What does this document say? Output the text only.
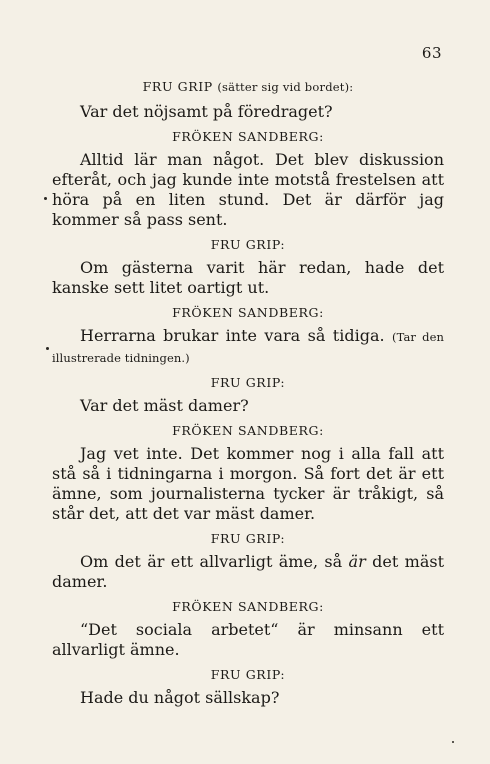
63
FRU GRIP (sätter sig vid bordet):

Var det nöjsamt på föredraget?

FRÖKEN SANDBERG:

Alltid lär man något. Det blev diskussion efteråt, och jag kunde inte motstå frestelsen att höra på en liten stund. Det är därför jag kommer så pass sent.

FRU GRIP:

Om gästerna varit här redan, hade det kanske sett litet oartigt ut.

FRÖKEN SANDBERG:

Herrarna brukar inte vara så tidiga. (Tar den illustrerade tidningen.)

FRU GRIP:

Var det mäst damer?

FRÖKEN SANDBERG:

Jag vet inte. Det kommer nog i alla fall att stå så i tidningarna i morgon. Så fort det är ett ämne, som journalisterna tycker är tråkigt, så står det, att det var mäst damer.

FRU GRIP:

Om det är ett allvarligt äme, så är det mäst damer.

FRÖKEN SANDBERG:

“Det sociala arbetet“ är minsann ett allvarligt ämne.

FRU GRIP:

Hade du något sällskap?
